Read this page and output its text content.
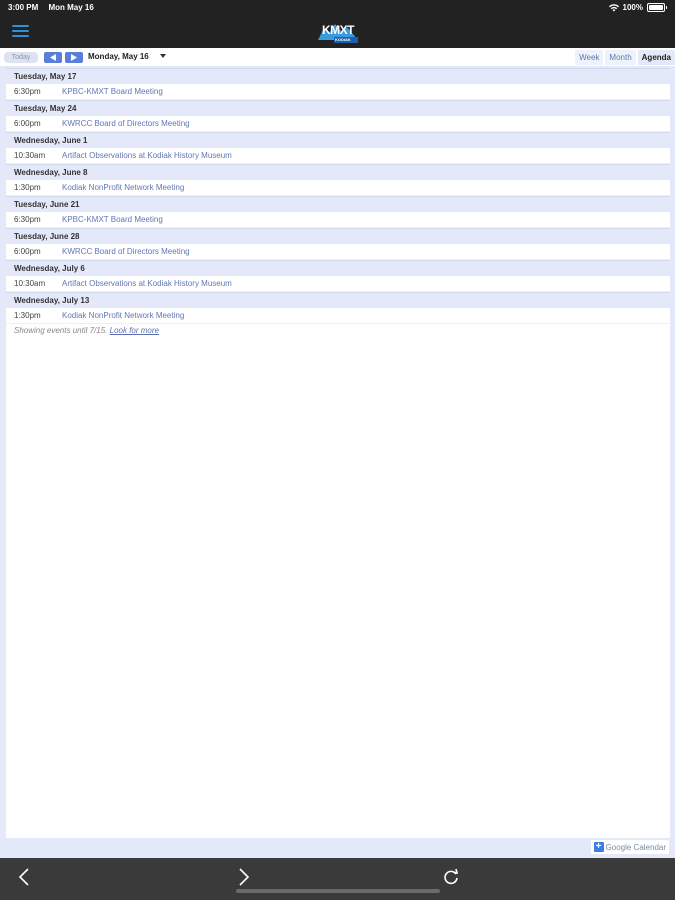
3:00 PM Mon May 16	100%
KMXT
KODIAK
Today	Monday, May 16	Week	Month	Agenda
Tuesday, May 17
6:30pm	KPBC-KMXT Board Meeting
Tuesday, May 24
6:00pm	KWRCC Board of Directors Meeting
Wednesday, June 1
10:30am Artifact Observations at Kodiak History Museum
Wednesday, June 8
1:30pm	Kodiak NonProfit Network Meeting
Tuesday, June 21
6:30pm	KPBC-KMXT Board Meeting
Tuesday, June 28
6:00pm	KWRCC Board of Directors Meeting
Wednesday, July 6
10:30am Artifact Observations at Kodiak History Museum
Wednesday, July 13
1:30pm	Kodiak NonProfit Network Meeting
Showing events until 7/15. Look for more
+ Google Calendar
